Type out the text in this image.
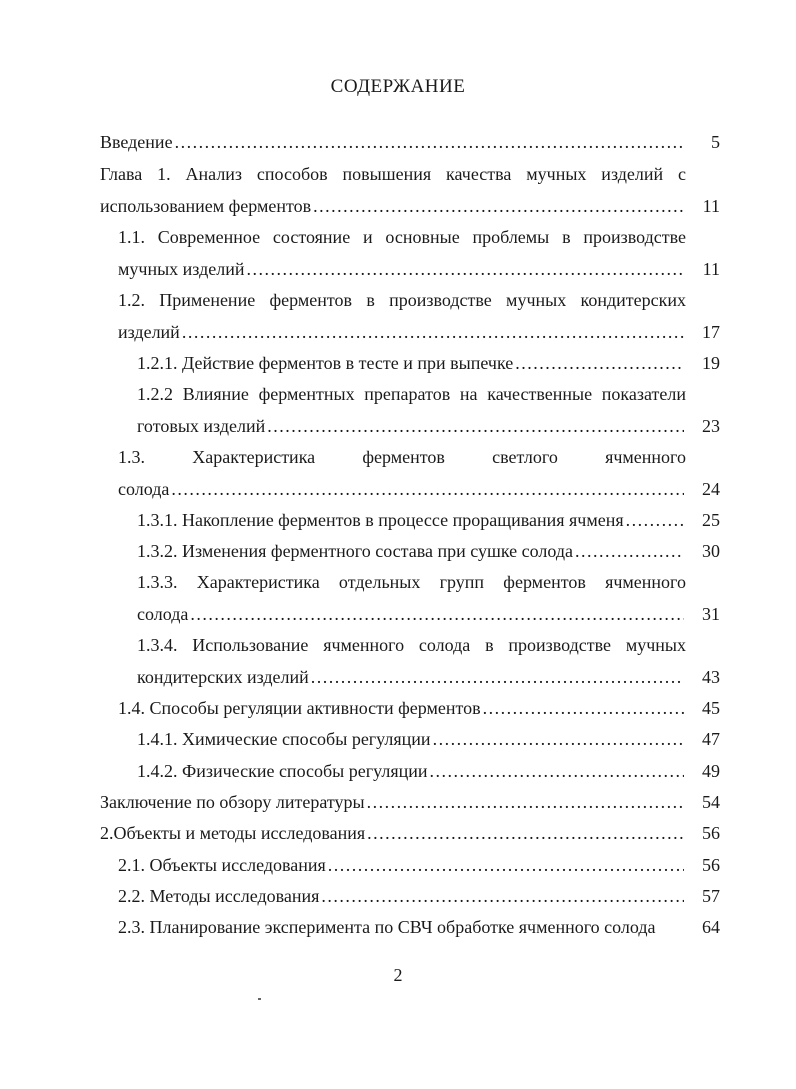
СОДЕРЖАНИЕ
Введение .....	5
Глава 1. Анализ способов повышения качества мучных изделий с
использованием ферментов .....	11
1.1. Современное состояние и основные проблемы в производстве
мучных изделий .....	11
1.2. Применение ферментов в производстве мучных кондитерских
изделий .....	17
1.2.1. Действие ферментов в тесте и при выпечке .....	19
1.2.2 Влияние ферментных препаратов на качественные показатели
готовых изделий .....	23
1.3. Характеристика ферментов светлого ячменного
солода .....	24
1.3.1. Накопление ферментов в процессе проращивания ячменя .....	25
1.3.2. Изменения ферментного состава при сушке солода .....	30
1.3.3. Характеристика отдельных групп ферментов ячменного
солода .....	31
1.3.4. Использование ячменного солода в производстве мучных
кондитерских изделий .....	43
1.4. Способы регуляции активности ферментов .....	45
1.4.1. Химические способы регуляции .....	47
1.4.2. Физические способы регуляции .....	49
Заключение по обзору литературы .....	54
2.Объекты и методы исследования .....	56
2.1. Объекты исследования .....	56
2.2. Методы исследования .....	57
2.3. Планирование эксперимента по СВЧ обработке ячменного солода	64
2
